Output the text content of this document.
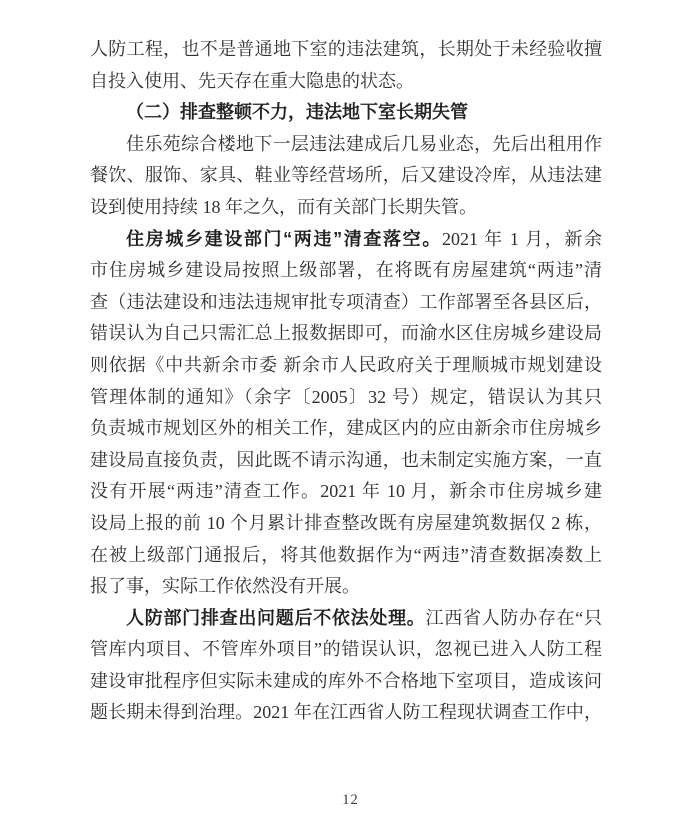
人防工程，也不是普通地下室的违法建筑，长期处于未经验收擅
自投入使用、先天存在重大隐患的状态。
（二）排查整顿不力，违法地下室长期失管
佳乐苑综合楼地下一层违法建成后几易业态，先后出租用作
餐饮、服饰、家具、鞋业等经营场所，后又建设冷库，从违法建
设到使用持续 18 年之久，而有关部门长期失管。
住房城乡建设部门“两违”清查落空。2021 年 1 月，新余
市住房城乡建设局按照上级部署，在将既有房屋建筑“两违”清
查（违法建设和违法违规审批专项清查）工作部署至各县区后，
错误认为自己只需汇总上报数据即可，而渝水区住房城乡建设局
则依据《中共新余市委 新余市人民政府关于理顺城市规划建设
管理体制的通知》（余字〔2005〕32 号）规定，错误认为其只
负责城市规划区外的相关工作，建成区内的应由新余市住房城乡
建设局直接负责，因此既不请示沟通，也未制定实施方案，一直
没有开展“两违”清查工作。2021 年 10 月，新余市住房城乡建
设局上报的前 10 个月累计排查整改既有房屋建筑数据仅 2 栋，
在被上级部门通报后，将其他数据作为“两违”清查数据凑数上
报了事，实际工作依然没有开展。
人防部门排查出问题后不依法处理。江西省人防办存在“只
管库内项目、不管库外项目”的错误认识，忽视已进入人防工程
建设审批程序但实际未建成的库外不合格地下室项目，造成该问
题长期未得到治理。2021 年在江西省人防工程现状调查工作中，
12
